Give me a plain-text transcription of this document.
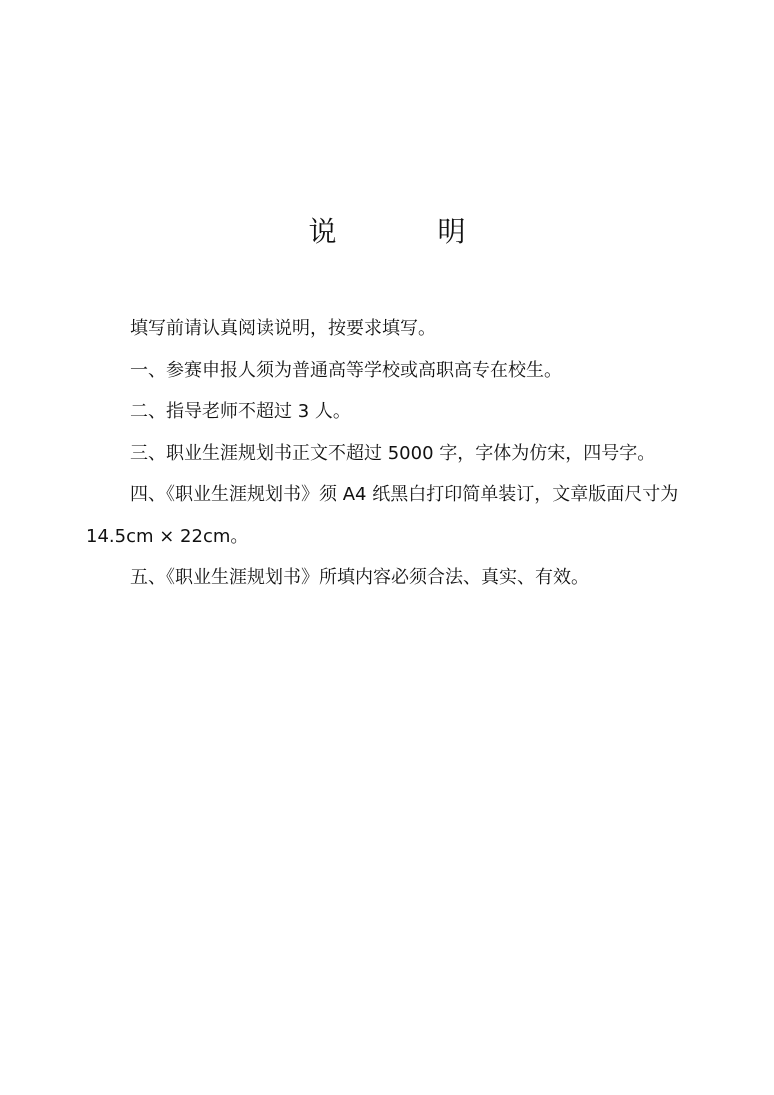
说 明

填写前请认真阅读说明，按要求填写。

一、参赛申报人须为普通高等学校或高职高专在校生。

二、指导老师不超过 3 人。

三、职业生涯规划书正文不超过 5000 字，字体为仿宋，四号字。

四、《职业生涯规划书》须 A4 纸黑白打印简单装订，文章版面尺寸为 14.5cm × 22cm。

五、《职业生涯规划书》所填内容必须合法、真实、有效。
